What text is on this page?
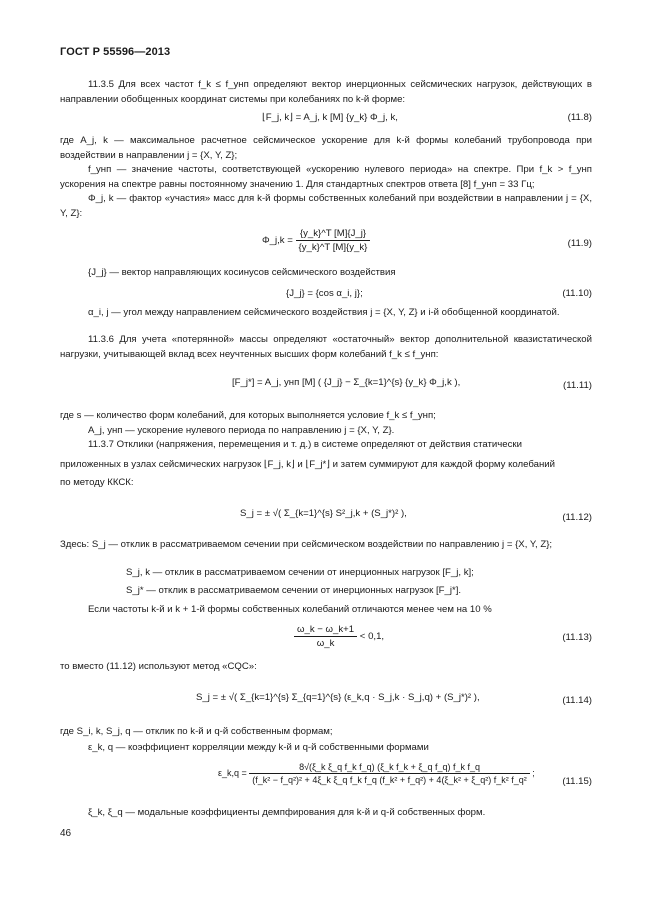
ГОСТ Р 55596—2013
11.3.5 Для всех частот f_k ≤ f_унп определяют вектор инерционных сейсмических нагрузок, действующих в направлении обобщенных координат системы при колебаниях по k-й форме:
⌊F_j, k⌋ = A_j, k [M] {y_k} Φ_j, k,	(11.8)
где A_j, k — максимальное расчетное сейсмическое ускорение для k-й формы колебаний трубопровода при воздействии в направлении j = {X, Y, Z};
f_унп — значение частоты, соответствующей «ускорению нулевого периода» на спектре. При f_k > f_унп ускорения на спектре равны постоянному значению 1. Для стандартных спектров ответа [8] f_унп = 33 Гц;
Φ_j, k — фактор «участия» масс для k-й формы собственных колебаний при воздействии в направлении j = {X, Y, Z}:
Φ_j,k = $\frac{\{y\_k\}\^{}T [M]\{J\_j\}}{\{y\_k\}\^{}T [M]\{y\_k\}}$	(11.9)
{J_j} — вектор направляющих косинусов сейсмического воздействия
{J_j} = {cos α_i, j};	(11.10)
α_i, j — угол между направлением сейсмического воздействия j = {X, Y, Z} и i-й обобщенной координатой.
11.3.6 Для учета «потерянной» массы определяют «остаточный» вектор дополнительной квазистатической нагрузки, учитывающей вклад всех неучтенных высших форм колебаний f_k ≤ f_унп:
[F_j*] = A_j, унп [M] ( {J_j} − Σ_{k=1}^{s} {y_k} Φ_j,k ),	(11.11)
где s — количество форм колебаний, для которых выполняется условие f_k ≤ f_унп;
A_j, унп — ускорение нулевого периода по направлению j = {X, Y, Z}.
11.3.7 Отклики (напряжения, перемещения и т. д.) в системе определяют от действия статически
приложенных в узлах сейсмических нагрузок ⌊F_j, k⌋ и ⌊F_j*⌋ и затем суммируют для каждой форму колебаний
по методу ККСК:
S_j = ± √( Σ_{k=1}^{s} S²_j,k + (S_j*)² ),	(11.12)
Здесь: S_j — отклик в рассматриваемом сечении при сейсмическом воздействии по направлению j = {X, Y, Z};
S_j, k — отклик в рассматриваемом сечении от инерционных нагрузок [F_j, k];
S_j* — отклик в рассматриваемом сечении от инерционных нагрузок [F_j*].
Если частоты k-й и k + 1-й формы собственных колебаний отличаются менее чем на 10 %
$\frac{\omega\_k - \omega\_k+1}{\omega\_k} < 0,1$,	(11.13)
то вместо (11.12) используют метод «CQC»:
S_j = ± √( Σ_{k=1}^{s} Σ_{q=1}^{s} (ε_k,q · S_j,k · S_j,q) + (S_j*)² ),	(11.14)
где S_i, k, S_j, q — отклик по k-й и q-й собственным формам;
ε_k, q — коэффициент корреляции между k-й и q-й собственными формами
ε_k,q =
8√(ξ_k ξ_q f_k f_q) (ξ_k f_k + ξ_q f_q) f_k f_q
(f_k² − f_q²)² + 4ξ_k ξ_q f_k f_q (f_k² + f_q²) + 4(ξ_k² + ξ_q²) f_k² f_q²
;
(11.15)
ξ_k, ξ_q — модальные коэффициенты демпфирования для k-й и q-й собственных форм.
46
